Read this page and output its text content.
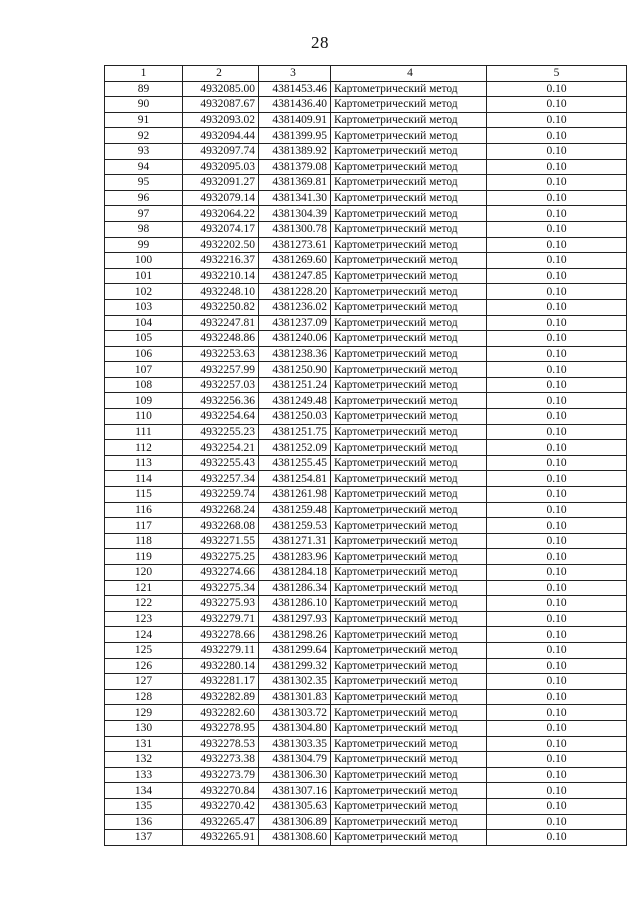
28
1	2	3	4	5
89	4932085.00	4381453.46	Картометрический метод	0.10
90	4932087.67	4381436.40	Картометрический метод	0.10
91	4932093.02	4381409.91	Картометрический метод	0.10
92	4932094.44	4381399.95	Картометрический метод	0.10
93	4932097.74	4381389.92	Картометрический метод	0.10
94	4932095.03	4381379.08	Картометрический метод	0.10
95	4932091.27	4381369.81	Картометрический метод	0.10
96	4932079.14	4381341.30	Картометрический метод	0.10
97	4932064.22	4381304.39	Картометрический метод	0.10
98	4932074.17	4381300.78	Картометрический метод	0.10
99	4932202.50	4381273.61	Картометрический метод	0.10
100	4932216.37	4381269.60	Картометрический метод	0.10
101	4932210.14	4381247.85	Картометрический метод	0.10
102	4932248.10	4381228.20	Картометрический метод	0.10
103	4932250.82	4381236.02	Картометрический метод	0.10
104	4932247.81	4381237.09	Картометрический метод	0.10
105	4932248.86	4381240.06	Картометрический метод	0.10
106	4932253.63	4381238.36	Картометрический метод	0.10
107	4932257.99	4381250.90	Картометрический метод	0.10
108	4932257.03	4381251.24	Картометрический метод	0.10
109	4932256.36	4381249.48	Картометрический метод	0.10
110	4932254.64	4381250.03	Картометрический метод	0.10
111	4932255.23	4381251.75	Картометрический метод	0.10
112	4932254.21	4381252.09	Картометрический метод	0.10
113	4932255.43	4381255.45	Картометрический метод	0.10
114	4932257.34	4381254.81	Картометрический метод	0.10
115	4932259.74	4381261.98	Картометрический метод	0.10
116	4932268.24	4381259.48	Картометрический метод	0.10
117	4932268.08	4381259.53	Картометрический метод	0.10
118	4932271.55	4381271.31	Картометрический метод	0.10
119	4932275.25	4381283.96	Картометрический метод	0.10
120	4932274.66	4381284.18	Картометрический метод	0.10
121	4932275.34	4381286.34	Картометрический метод	0.10
122	4932275.93	4381286.10	Картометрический метод	0.10
123	4932279.71	4381297.93	Картометрический метод	0.10
124	4932278.66	4381298.26	Картометрический метод	0.10
125	4932279.11	4381299.64	Картометрический метод	0.10
126	4932280.14	4381299.32	Картометрический метод	0.10
127	4932281.17	4381302.35	Картометрический метод	0.10
128	4932282.89	4381301.83	Картометрический метод	0.10
129	4932282.60	4381303.72	Картометрический метод	0.10
130	4932278.95	4381304.80	Картометрический метод	0.10
131	4932278.53	4381303.35	Картометрический метод	0.10
132	4932273.38	4381304.79	Картометрический метод	0.10
133	4932273.79	4381306.30	Картометрический метод	0.10
134	4932270.84	4381307.16	Картометрический метод	0.10
135	4932270.42	4381305.63	Картометрический метод	0.10
136	4932265.47	4381306.89	Картометрический метод	0.10
137	4932265.91	4381308.60	Картометрический метод	0.10
